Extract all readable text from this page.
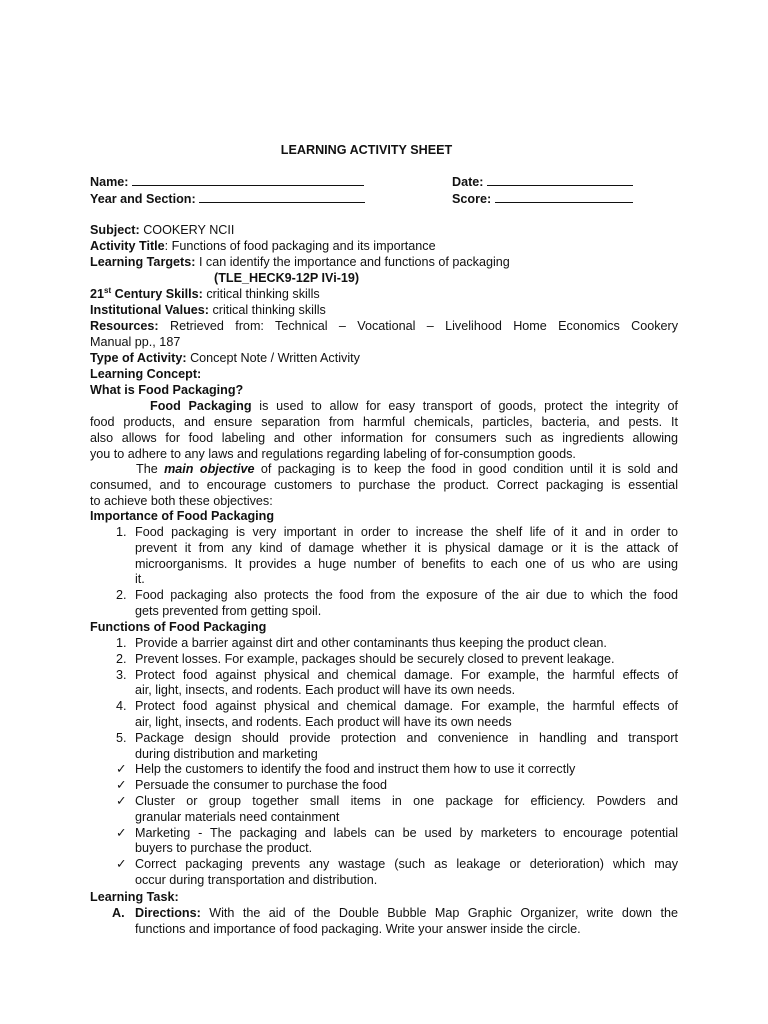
LEARNING ACTIVITY SHEET
Name:	Date:
Year and Section:	Score:
Subject: COOKERY NCII
Activity Title: Functions of food packaging and its importance
Learning Targets: I can identify the importance and functions of packaging
(TLE_HECK9-12P IVi-19)
21st Century Skills: critical thinking skills
Institutional Values: critical thinking skills
Resources: Retrieved from: Technical – Vocational – Livelihood Home Economics Cookery
Manual pp., 187
Type of Activity: Concept Note / Written Activity
Learning Concept:
What is Food Packaging?
Food Packaging is used to allow for easy transport of goods, protect the integrity of
food products, and ensure separation from harmful chemicals, particles, bacteria, and pests. It
also allows for food labeling and other information for consumers such as ingredients allowing
you to adhere to any laws and regulations regarding labeling of for-consumption goods.
The main objective of packaging is to keep the food in good condition until it is sold and
consumed, and to encourage customers to purchase the product. Correct packaging is essential
to achieve both these objectives:
Importance of Food Packaging
1. Food packaging is very important in order to increase the shelf life of it and in order to
prevent it from any kind of damage whether it is physical damage or it is the attack of
microorganisms. It provides a huge number of benefits to each one of us who are using
it.
2. Food packaging also protects the food from the exposure of the air due to which the food
gets prevented from getting spoil.
Functions of Food Packaging
1. Provide a barrier against dirt and other contaminants thus keeping the product clean.
2. Prevent losses. For example, packages should be securely closed to prevent leakage.
3. Protect food against physical and chemical damage. For example, the harmful effects of
air, light, insects, and rodents. Each product will have its own needs.
4. Protect food against physical and chemical damage. For example, the harmful effects of
air, light, insects, and rodents. Each product will have its own needs
5. Package design should provide protection and convenience in handling and transport
during distribution and marketing
✓ Help the customers to identify the food and instruct them how to use it correctly
✓ Persuade the consumer to purchase the food
✓ Cluster or group together small items in one package for efficiency. Powders and
granular materials need containment
✓ Marketing - The packaging and labels can be used by marketers to encourage potential
buyers to purchase the product.
✓ Correct packaging prevents any wastage (such as leakage or deterioration) which may
occur during transportation and distribution.
Learning Task:
A. Directions: With the aid of the Double Bubble Map Graphic Organizer, write down the
functions and importance of food packaging. Write your answer inside the circle.
